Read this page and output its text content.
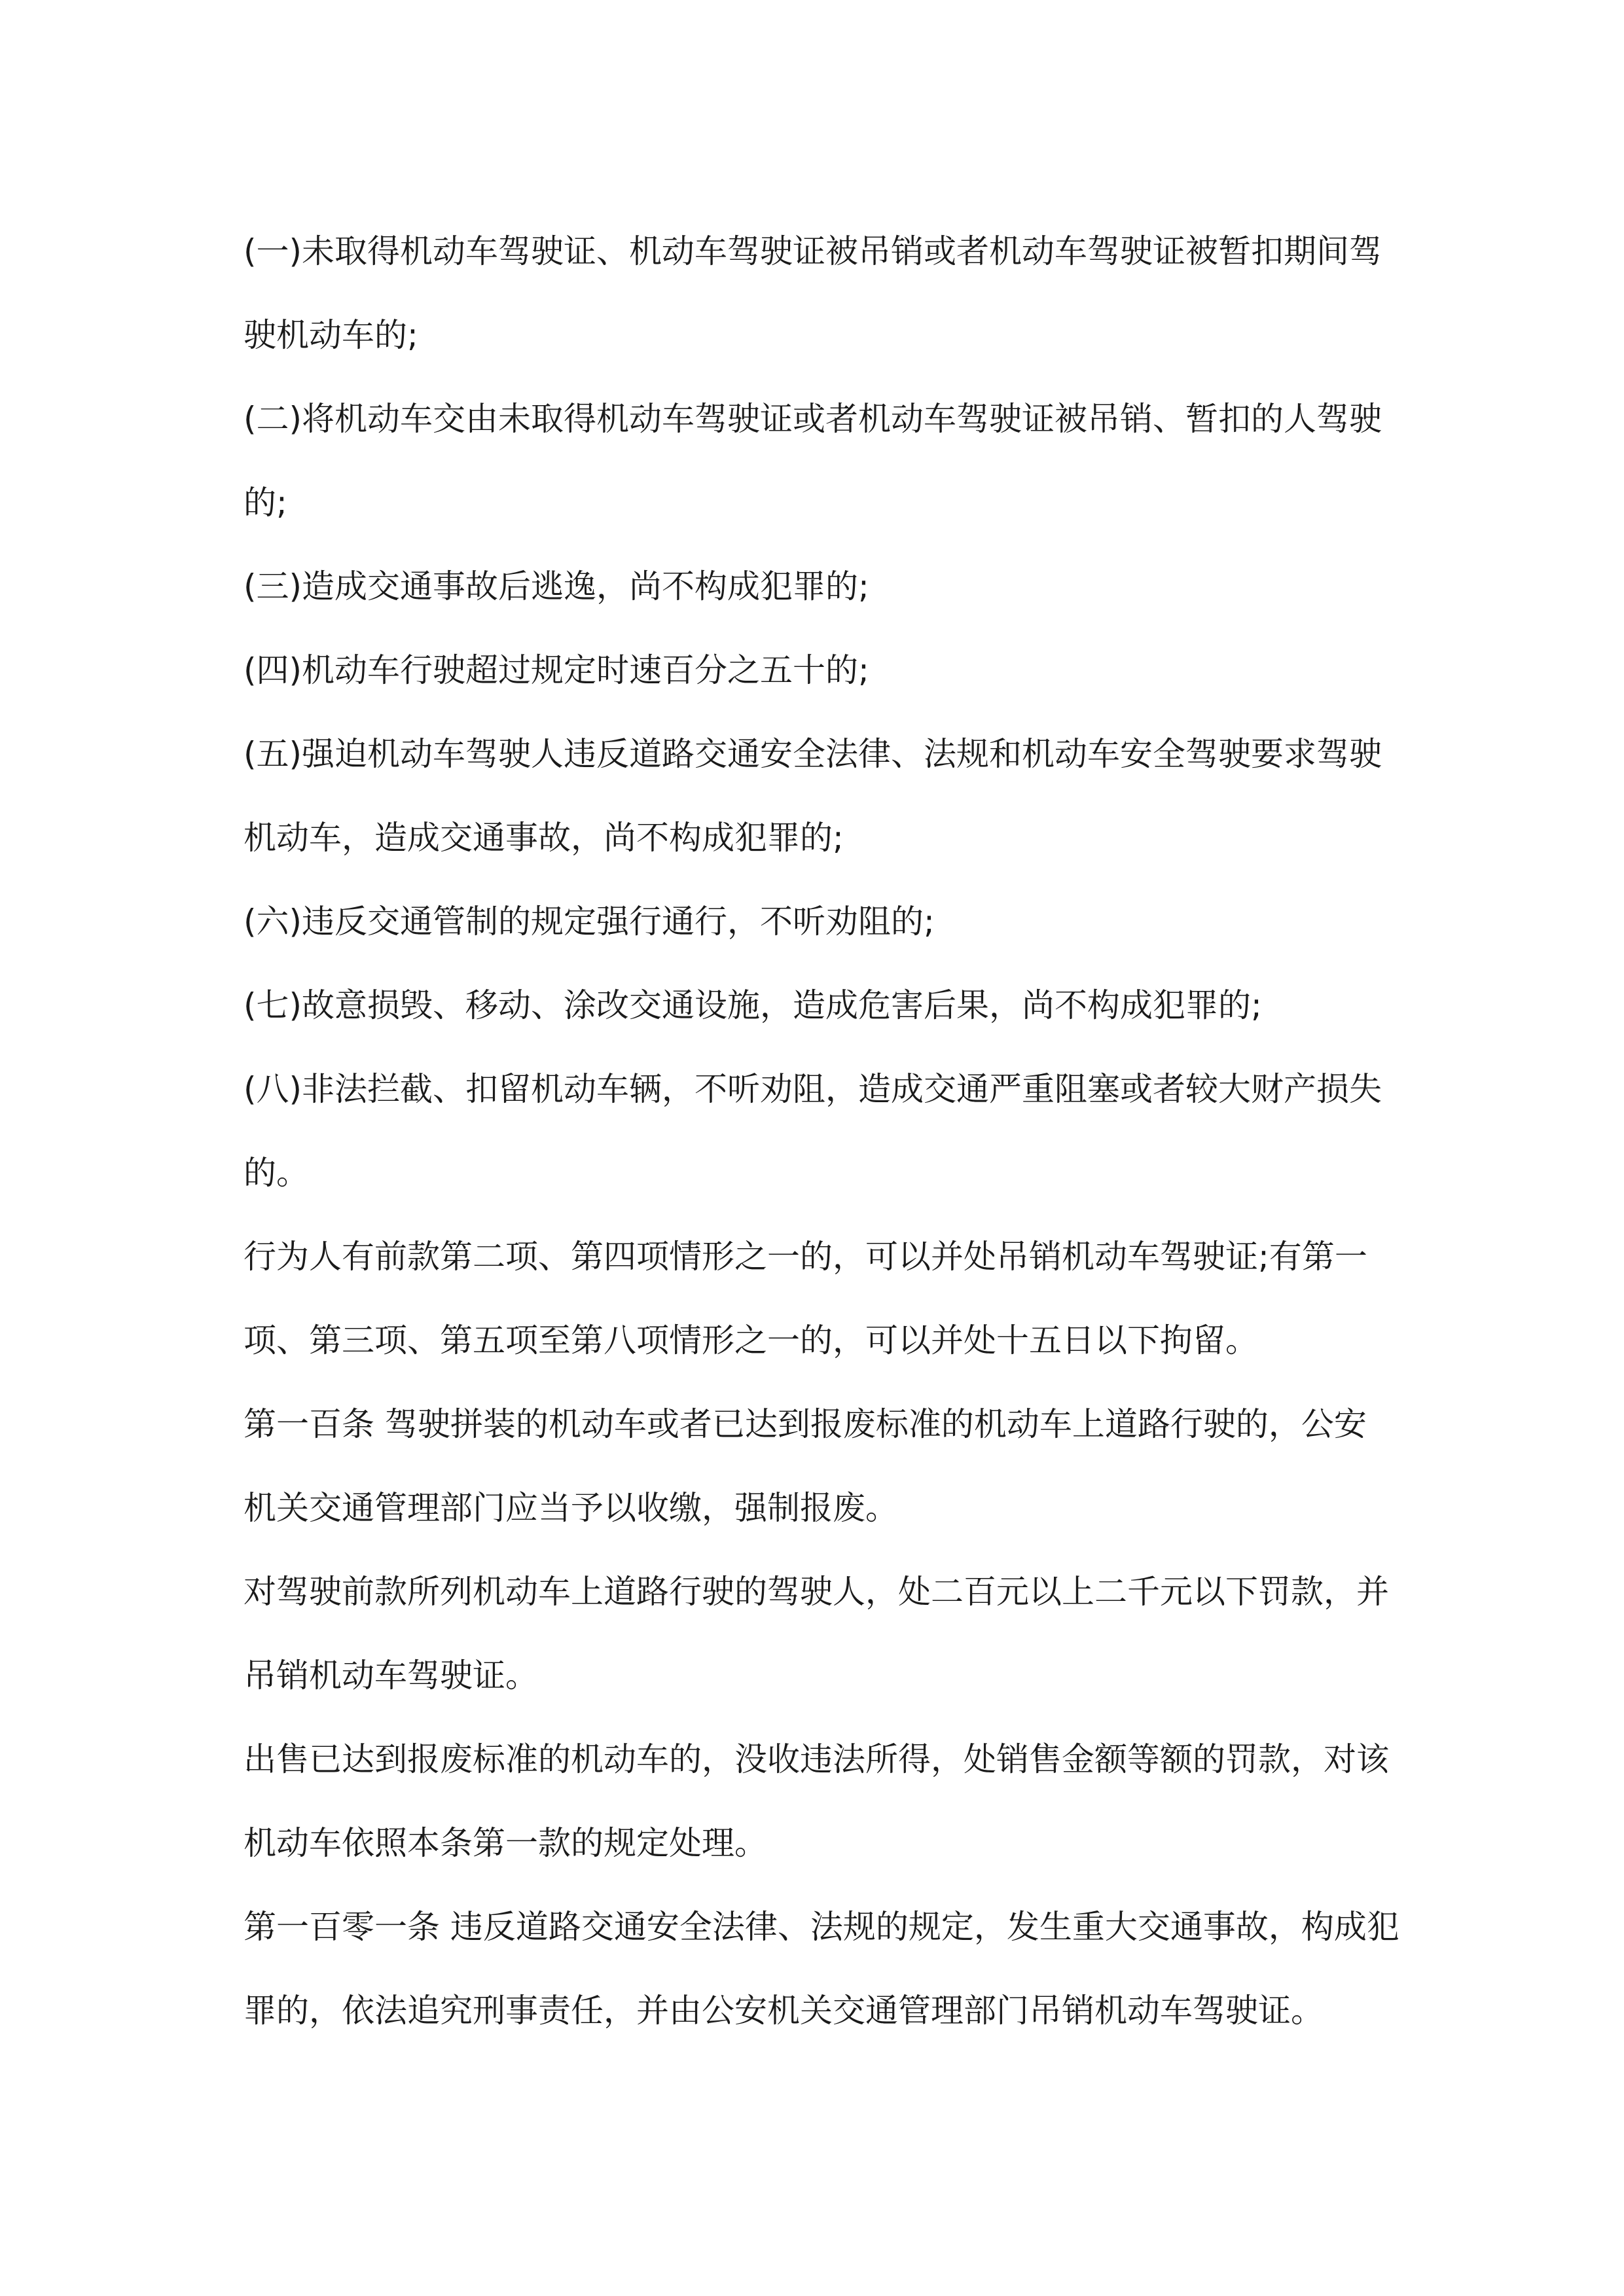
(一)未取得机动车驾驶证、机动车驾驶证被吊销或者机动车驾驶证被暂扣期间驾
驶机动车的;

(二)将机动车交由未取得机动车驾驶证或者机动车驾驶证被吊销、暂扣的人驾驶
的;

(三)造成交通事故后逃逸，尚不构成犯罪的;

(四)机动车行驶超过规定时速百分之五十的;

(五)强迫机动车驾驶人违反道路交通安全法律、法规和机动车安全驾驶要求驾驶
机动车，造成交通事故，尚不构成犯罪的;

(六)违反交通管制的规定强行通行，不听劝阻的;

(七)故意损毁、移动、涂改交通设施，造成危害后果，尚不构成犯罪的;

(八)非法拦截、扣留机动车辆，不听劝阻，造成交通严重阻塞或者较大财产损失
的。

行为人有前款第二项、第四项情形之一的，可以并处吊销机动车驾驶证;有第一
项、第三项、第五项至第八项情形之一的，可以并处十五日以下拘留。

第一百条 驾驶拼装的机动车或者已达到报废标准的机动车上道路行驶的，公安
机关交通管理部门应当予以收缴，强制报废。

对驾驶前款所列机动车上道路行驶的驾驶人，处二百元以上二千元以下罚款，并
吊销机动车驾驶证。

出售已达到报废标准的机动车的，没收违法所得，处销售金额等额的罚款，对该
机动车依照本条第一款的规定处理。

第一百零一条 违反道路交通安全法律、法规的规定，发生重大交通事故，构成犯
罪的，依法追究刑事责任，并由公安机关交通管理部门吊销机动车驾驶证。
